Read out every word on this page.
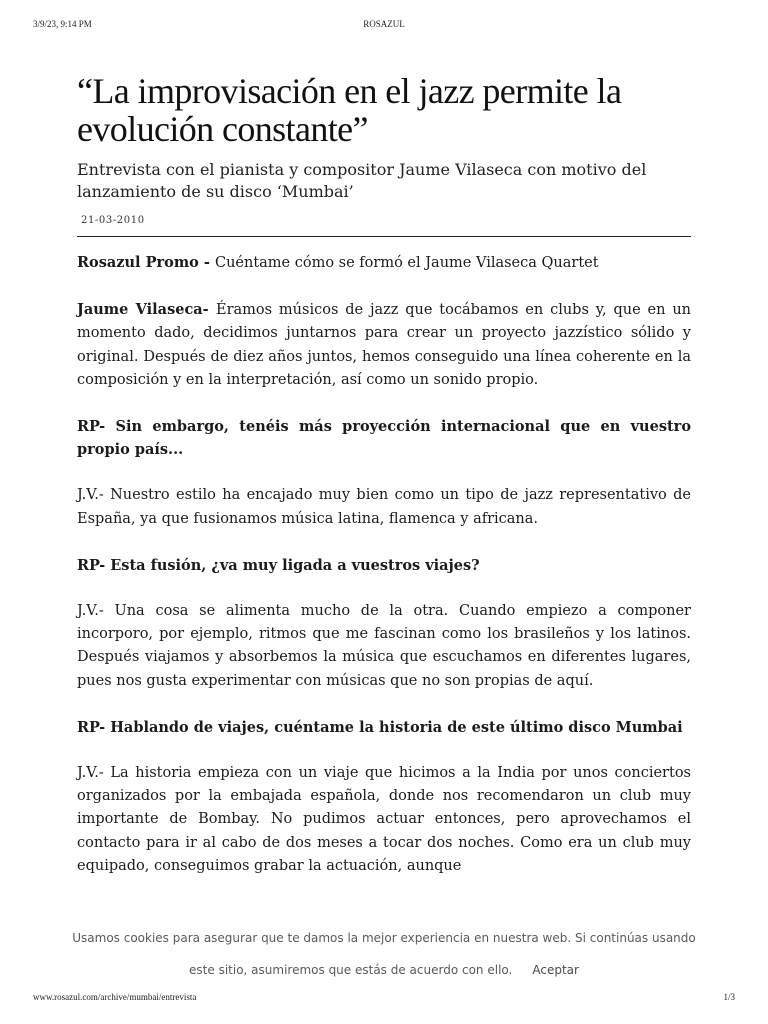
3/9/23, 9:14 PM	ROSAZUL
“La improvisación en el jazz permite la evolución constante”

Entrevista con el pianista y compositor Jaume Vilaseca con motivo del lanzamiento de su disco ‘Mumbai’

21-03-2010

Rosazul Promo - Cuéntame cómo se formó el Jaume Vilaseca Quartet

Jaume Vilaseca- Éramos músicos de jazz que tocábamos en clubs y, que en un momento dado, decidimos juntarnos para crear un proyecto jazzístico sólido y original. Después de diez años juntos, hemos conseguido una línea coherente en la composición y en la interpretación, así como un sonido propio.

RP- Sin embargo, tenéis más proyección internacional que en vuestro propio país...

J.V.- Nuestro estilo ha encajado muy bien como un tipo de jazz representativo de España, ya que fusionamos música latina, flamenca y africana.

RP- Esta fusión, ¿va muy ligada a vuestros viajes?

J.V.- Una cosa se alimenta mucho de la otra. Cuando empiezo a componer incorporo, por ejemplo, ritmos que me fascinan como los brasileños y los latinos. Después viajamos y absorbemos la música que escuchamos en diferentes lugares, pues nos gusta experimentar con músicas que no son propias de aquí.

RP- Hablando de viajes, cuéntame la historia de este último disco Mumbai

J.V.- La historia empieza con un viaje que hicimos a la India por unos conciertos organizados por la embajada española, donde nos recomendaron un club muy importante de Bombay. No pudimos actuar entonces, pero aprovechamos el contacto para ir al cabo de dos meses a tocar dos noches. Como era un club muy equipado, conseguimos grabar la actuación, aunque

Usamos cookies para asegurar que te damos la mejor experiencia en nuestra web. Si continúas usando
este sitio, asumiremos que estás de acuerdo con ello. Aceptar
www.rosazul.com/archive/mumbai/entrevista	1/3
